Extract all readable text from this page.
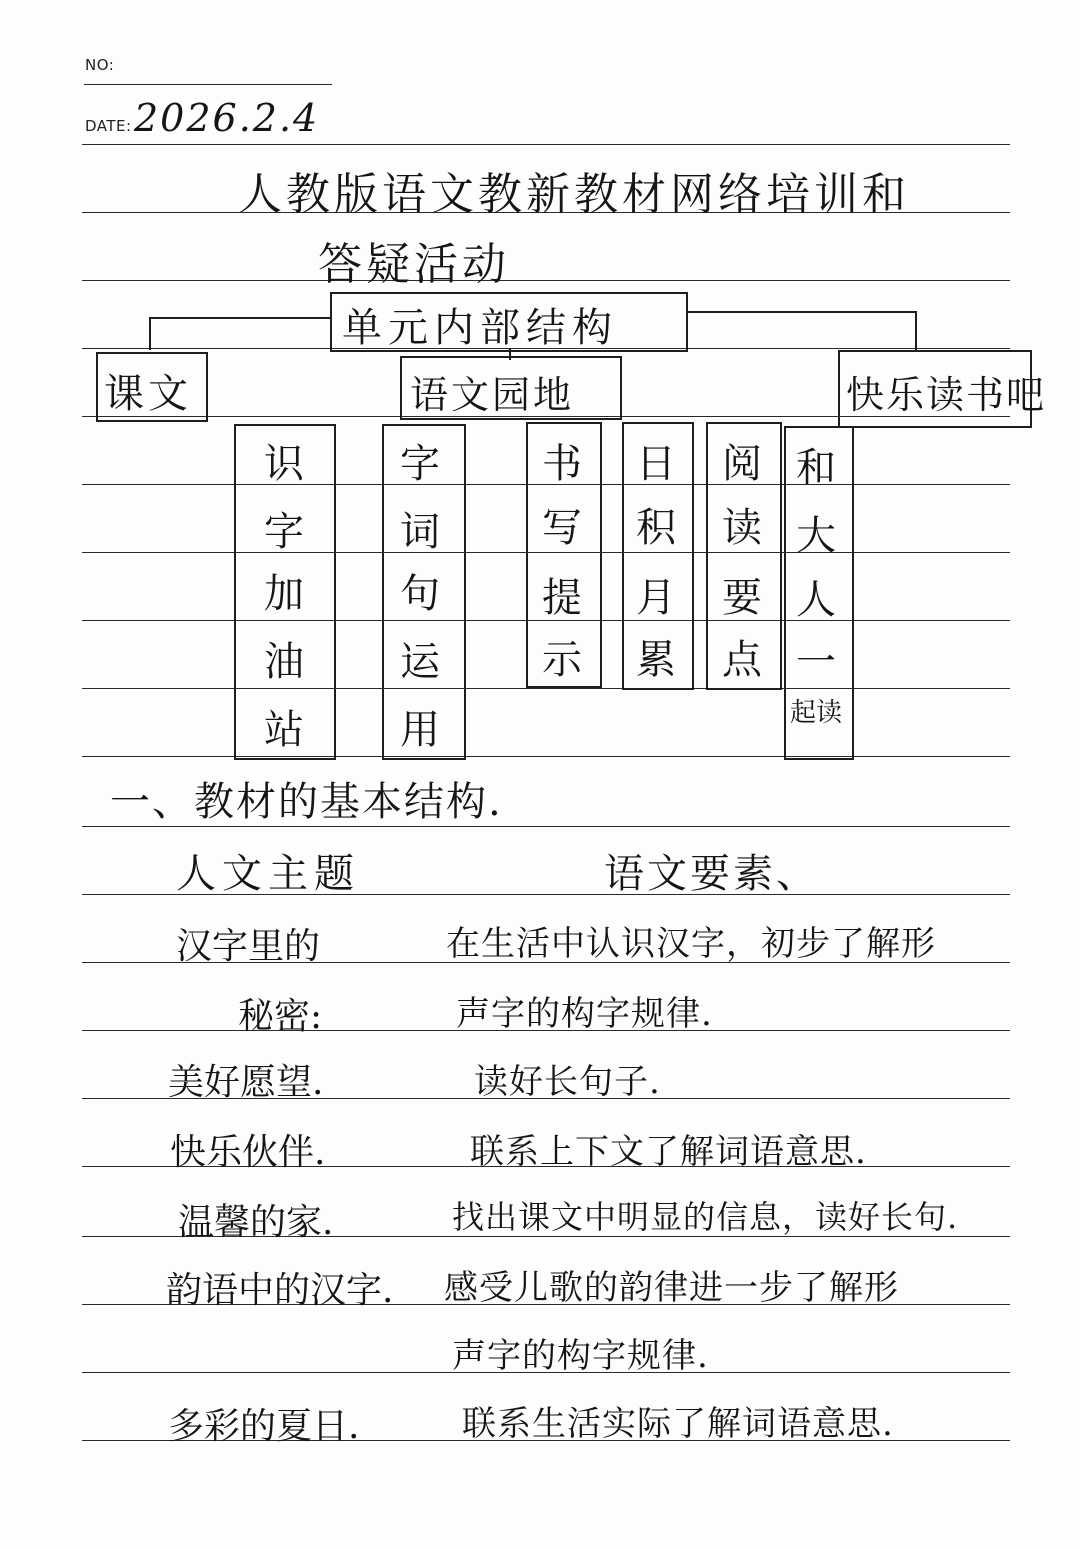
NO:
DATE: 2026.2.4
人教版语文教新教材网络培训和
答疑活动
单元内部结构
课文	语文园地	快乐读书吧
识
字
加
油
站
字
词
句
运
用
书
写
提
示
日
积
月
累
阅
读
要
点
和
大
人
一
起读
一、教材的基本结构.
人文主题	语文要素、
汉字里的	在生活中认识汉字，初步了解形
秘密:	声字的构字规律.
美好愿望.	读好长句子.
快乐伙伴.	联系上下文了解词语意思.
温馨的家.	找出课文中明显的信息，读好长句.
韵语中的汉字. 感受儿歌的韵律进一步了解形
声字的构字规律.
多彩的夏日.	联系生活实际了解词语意思.
